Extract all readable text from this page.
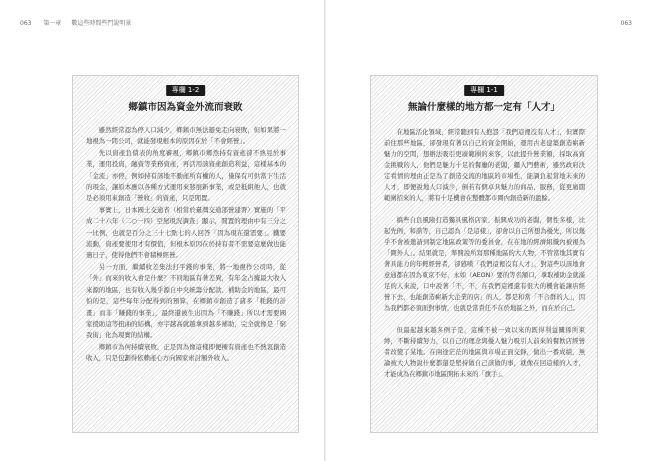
063 第一章 數這些時間些門說明景	063
專欄 1-2
鄉鎮市因為資金外流而衰敗

雖然經常認為停人口減少，鄉鎮市無法避免走向衰敗，但如果將一地視為一間公司，就能發現根本的原因在於「不會經營」。

先以資產負債表的角度審視，鄉鎮市鄉然持有資產卻不熟見於事業，運用投資，融資等業務資產，再活用該資產創造利益，這樣基本的「金流」亦停，例如持有該地不動產所有權的人，僅保有可供當下生活的現金，讓原本應以各種方式運用來發展新事業，或是抵組他人，也就是必須用來創造「營收」的資產，只是閒置。

事實上，日本國土交通省（相當於臺灣交通部營建署）實施的「平成二十六年（二○一四）空屋現況調查」顯示，閒置的理由中有三分之一比例，也就是百分之三十七點七的人回答「因為現在還需要」。鐵要流動，資產要使用才有價值，但根本原因在於持有者不需要這麼做也能過日子，使得他們不會積極經營。

另一方面，繼續收差集法打平錢的事業，將一地視作公司時，從「外」而來的收入會是什麼？不同地區有著差異，有年金占據最大收入來源的地區，也有收入幾乎源自中央統籌分配款、補助金的地區，最可怕的是，這些每年分配得到的預算，在鄉鎮市創造了諸多「耗錢的計畫」而非「賺錢的事業」，最終還被生出因為「不賺錢」所以才需要國家援助這等扭曲的結構，亦字越高就越拿到越多補助，完全就像是「窮我街」化為現實的結構。

鄉鎮市為何持續衰敗，正是因為像這樣即便擁有資產也不熱衷創造收入，只是包劃得依賴產心方向國家索討額外收入。

專欄 1-1
無論什麼樣的地方都一定有「人才」

在地區活化領域，經常聽到有人抱怨「我們這裡沒有人才」，但實際前往那些地區，卻發現有著以自己的資金開始，運用古老建築創造嶄新魅力的空間，想辦法吸引更廣範圍的來客，以此提升營業額，採取高資金挑戰的人，他們是魅力十足的餐廳的老闆，攝入門藝術，雖然政府決定看情的理由正是為了創造交流的地區的市場性，能調負起當地未來的人才，即便說地人口減少，倒若有個卓具魅力的商品、服務，從更廣闊範圍招來的人，將有十足機會在整體都市圈內創造新的盈餘。

搞些自負風險打造獨具風格店家、振興成功的老闆，個性多樣，比起先例，和諧等，自己認為「是這樣」，卻會以自己所想為優先，所以幾乎不會被邀請到制定地區政策等的委員會，在在地的經濟組織內被視為「圈外人」。結果就是，準開說所寫那種地區的大人物，不管當地其實有著具能力的年輕經營者，卻感嘆「我們這裡沒有人才」，對這些以該地會意通都在因為東京不好，永如（AEON）要的等名額口，拿取補助金就滿足的人來說，口中說著「不，不，在我們這裡還有很大的機會能讓店經營下去，也能創造嶄新大企業的店」的人，都是和當「不合群的人」，因為我們都必須面對事情，也就是當責任不在於地區之外，而在於自己。

但最起越來越多例子是，這種不被一致以來的既得利益關係所束縛，不斷持續努力，以自己的理念與優人魅力吸引人前來的餐飲店經營者改變了某地。在兩途茫茫的地區與市場正面交鋒，做出一番成績，無論被大人物說什麼都還是堅持做自己該做的事，就像在回這樣的人才，才能成為在鄉鎮市地區開拓未來的「旗手」。
